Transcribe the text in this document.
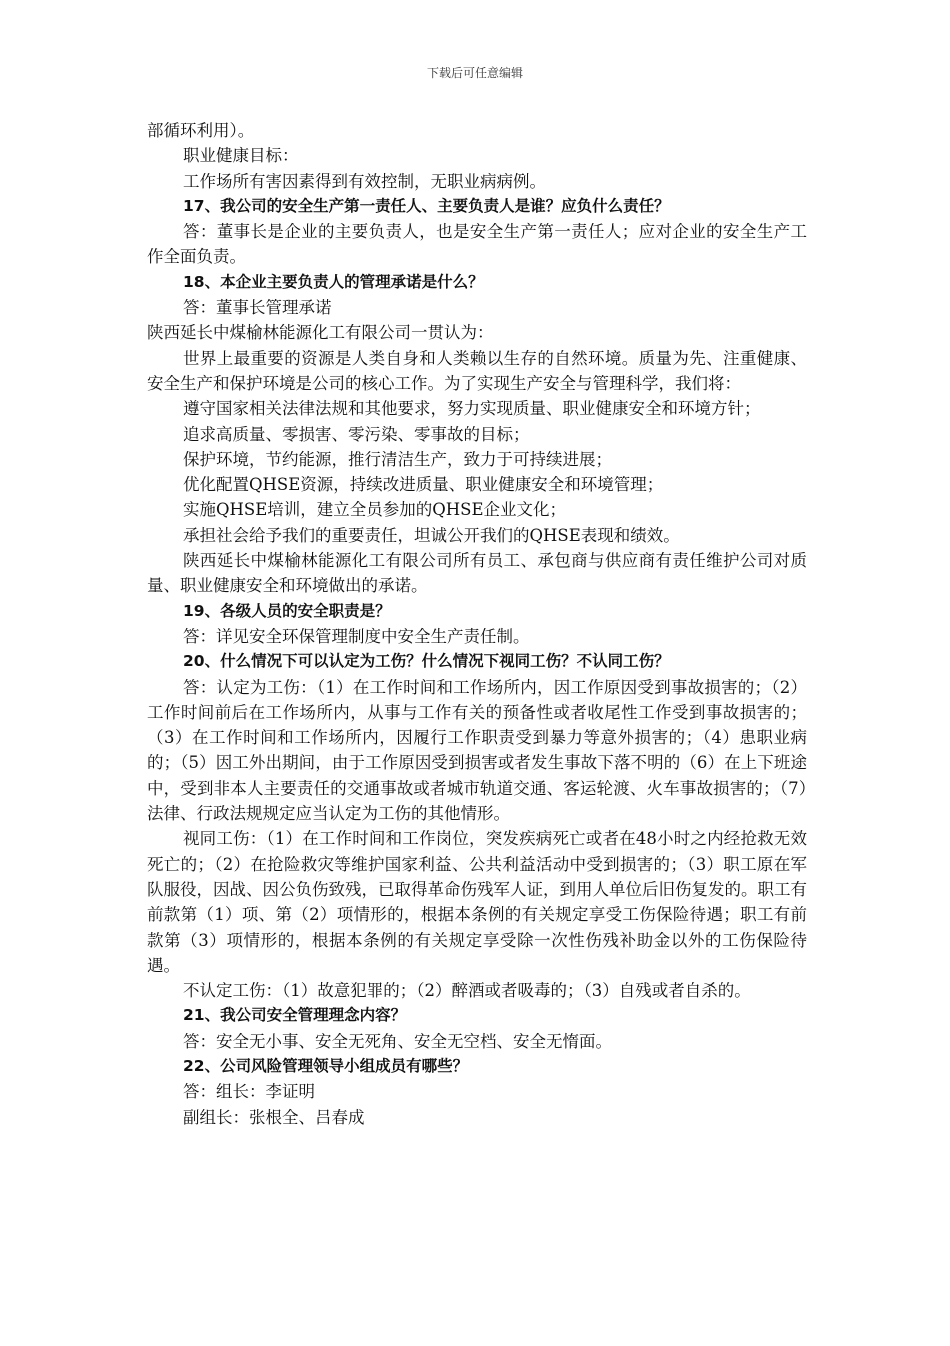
下载后可任意编辑

部循环利用）。

职业健康目标：

工作场所有害因素得到有效控制，无职业病病例。

17、我公司的安全生产第一责任人、主要负责人是谁？应负什么责任？

答：董事长是企业的主要负责人，也是安全生产第一责任人；应对企业的安全生产工作全面负责。

18、本企业主要负责人的管理承诺是什么？

答：董事长管理承诺

陕西延长中煤榆林能源化工有限公司一贯认为：

世界上最重要的资源是人类自身和人类赖以生存的自然环境。质量为先、注重健康、安全生产和保护环境是公司的核心工作。为了实现生产安全与管理科学，我们将：

遵守国家相关法律法规和其他要求，努力实现质量、职业健康安全和环境方针；

追求高质量、零损害、零污染、零事故的目标；

保护环境，节约能源，推行清洁生产，致力于可持续进展；

优化配置QHSE资源，持续改进质量、职业健康安全和环境管理；

实施QHSE培训，建立全员参加的QHSE企业文化；

承担社会给予我们的重要责任，坦诚公开我们的QHSE表现和绩效。

陕西延长中煤榆林能源化工有限公司所有员工、承包商与供应商有责任维护公司对质量、职业健康安全和环境做出的承诺。

19、各级人员的安全职责是？

答：详见安全环保管理制度中安全生产责任制。

20、什么情况下可以认定为工伤？什么情况下视同工伤？不认同工伤？

答：认定为工伤：（1）在工作时间和工作场所内，因工作原因受到事故损害的；（2）工作时间前后在工作场所内，从事与工作有关的预备性或者收尾性工作受到事故损害的；（3）在工作时间和工作场所内，因履行工作职责受到暴力等意外损害的；（4）患职业病的；（5）因工外出期间，由于工作原因受到损害或者发生事故下落不明的（6）在上下班途中，受到非本人主要责任的交通事故或者城市轨道交通、客运轮渡、火车事故损害的；（7）法律、行政法规规定应当认定为工伤的其他情形。

视同工伤：（1）在工作时间和工作岗位，突发疾病死亡或者在48小时之内经抢救无效死亡的；（2）在抢险救灾等维护国家利益、公共利益活动中受到损害的；（3）职工原在军队服役，因战、因公负伤致残，已取得革命伤残军人证，到用人单位后旧伤复发的。职工有前款第（1）项、第（2）项情形的，根据本条例的有关规定享受工伤保险待遇；职工有前款第（3）项情形的，根据本条例的有关规定享受除一次性伤残补助金以外的工伤保险待遇。

不认定工伤：（1）故意犯罪的；（2）醉酒或者吸毒的；（3）自残或者自杀的。

21、我公司安全管理理念内容？

答：安全无小事、安全无死角、安全无空档、安全无惰面。

22、公司风险管理领导小组成员有哪些？

答：组长：李证明

副组长：张根全、吕春成
